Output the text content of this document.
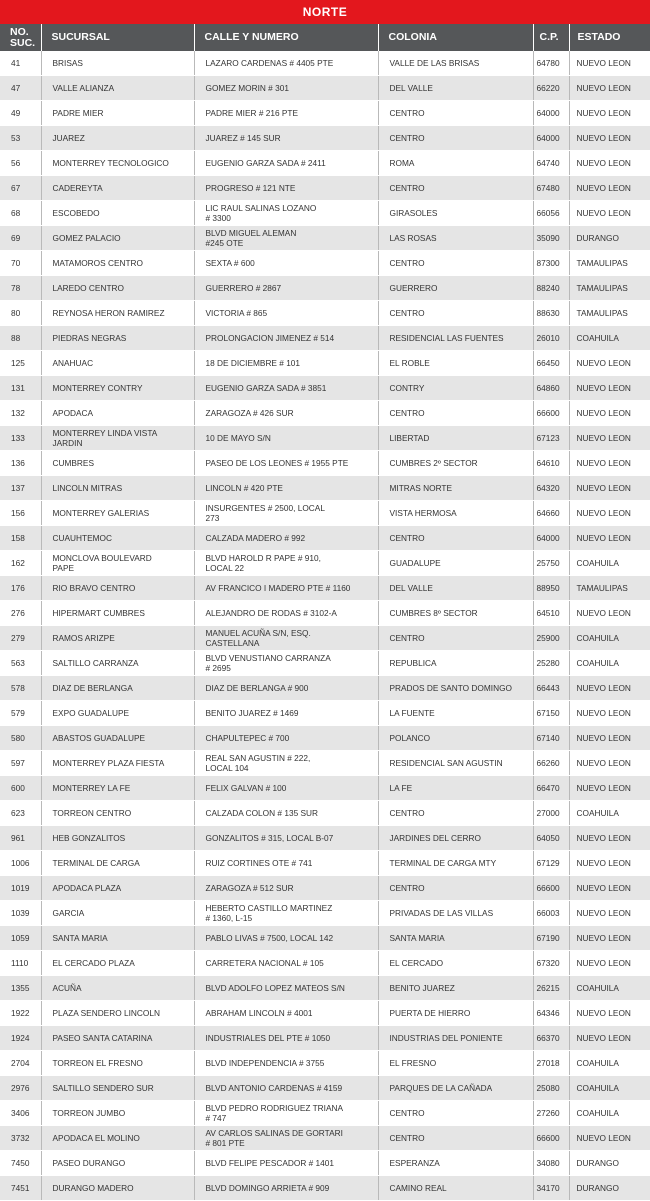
NORTE
NO.
SUC.	SUCURSAL	CALLE Y NUMERO	COLONIA	C.P.	ESTADO
41	BRISAS	LAZARO CARDENAS # 4405 PTE	VALLE DE LAS BRISAS	64780	NUEVO LEON
47	VALLE ALIANZA	GOMEZ MORIN # 301	DEL VALLE	66220	NUEVO LEON
49	PADRE MIER	PADRE MIER # 216 PTE	CENTRO	64000	NUEVO LEON
53	JUAREZ	JUAREZ # 145 SUR	CENTRO	64000	NUEVO LEON
56	MONTERREY TECNOLOGICO	EUGENIO GARZA SADA # 2411	ROMA	64740	NUEVO LEON
67	CADEREYTA	PROGRESO # 121 NTE	CENTRO	67480	NUEVO LEON
68	ESCOBEDO	LIC RAUL SALINAS LOZANO
# 3300	GIRASOLES	66056	NUEVO LEON
69	GOMEZ PALACIO	BLVD MIGUEL ALEMAN
#245 OTE	LAS ROSAS	35090	DURANGO
70	MATAMOROS CENTRO	SEXTA # 600	CENTRO	87300	TAMAULIPAS
78	LAREDO CENTRO	GUERRERO # 2867	GUERRERO	88240	TAMAULIPAS
80	REYNOSA HERON RAMIREZ	VICTORIA # 865	CENTRO	88630	TAMAULIPAS
88	PIEDRAS NEGRAS	PROLONGACION JIMENEZ # 514	RESIDENCIAL LAS FUENTES	26010	COAHUILA
125	ANAHUAC	18 DE DICIEMBRE # 101	EL ROBLE	66450	NUEVO LEON
131	MONTERREY CONTRY	EUGENIO GARZA SADA # 3851	CONTRY	64860	NUEVO LEON
132	APODACA	ZARAGOZA # 426 SUR	CENTRO	66600	NUEVO LEON
133	MONTERREY LINDA VISTA
JARDIN	10 DE MAYO S/N	LIBERTAD	67123	NUEVO LEON
136	CUMBRES	PASEO DE LOS LEONES # 1955 PTE	CUMBRES 2º SECTOR	64610	NUEVO LEON
137	LINCOLN MITRAS	LINCOLN # 420 PTE	MITRAS NORTE	64320	NUEVO LEON
156	MONTERREY GALERIAS	INSURGENTES # 2500, LOCAL
273	VISTA HERMOSA	64660	NUEVO LEON
158	CUAUHTEMOC	CALZADA MADERO # 992	CENTRO	64000	NUEVO LEON
162	MONCLOVA BOULEVARD
PAPE	BLVD HAROLD R PAPE # 910,
LOCAL 22	GUADALUPE	25750	COAHUILA
176	RIO BRAVO CENTRO	AV FRANCICO I MADERO PTE # 1160	DEL VALLE	88950	TAMAULIPAS
276	HIPERMART CUMBRES	ALEJANDRO DE RODAS # 3102-A	CUMBRES 8º SECTOR	64510	NUEVO LEON
279	RAMOS ARIZPE	MANUEL ACUÑA S/N, ESQ.
CASTELLANA	CENTRO	25900	COAHUILA
563	SALTILLO CARRANZA	BLVD VENUSTIANO CARRANZA
# 2695	REPUBLICA	25280	COAHUILA
578	DIAZ DE BERLANGA	DIAZ DE BERLANGA # 900	PRADOS DE SANTO DOMINGO	66443	NUEVO LEON
579	EXPO GUADALUPE	BENITO JUAREZ # 1469	LA FUENTE	67150	NUEVO LEON
580	ABASTOS GUADALUPE	CHAPULTEPEC # 700	POLANCO	67140	NUEVO LEON
597	MONTERREY PLAZA FIESTA	REAL SAN AGUSTIN # 222,
LOCAL 104	RESIDENCIAL SAN AGUSTIN	66260	NUEVO LEON
600	MONTERREY LA FE	FELIX GALVAN # 100	LA FE	66470	NUEVO LEON
623	TORREON CENTRO	CALZADA COLON # 135 SUR	CENTRO	27000	COAHUILA
961	HEB GONZALITOS	GONZALITOS # 315, LOCAL B-07	JARDINES DEL CERRO	64050	NUEVO LEON
1006	TERMINAL DE CARGA	RUIZ CORTINES OTE # 741	TERMINAL DE CARGA MTY	67129	NUEVO LEON
1019	APODACA PLAZA	ZARAGOZA # 512 SUR	CENTRO	66600	NUEVO LEON
1039	GARCIA	HEBERTO CASTILLO MARTINEZ
# 1360, L-15	PRIVADAS DE LAS VILLAS	66003	NUEVO LEON
1059	SANTA MARIA	PABLO LIVAS # 7500, LOCAL 142	SANTA MARIA	67190	NUEVO LEON
1110	EL CERCADO PLAZA	CARRETERA NACIONAL # 105	EL CERCADO	67320	NUEVO LEON
1355	ACUÑA	BLVD ADOLFO LOPEZ MATEOS S/N	BENITO JUAREZ	26215	COAHUILA
1922	PLAZA SENDERO LINCOLN	ABRAHAM LINCOLN # 4001	PUERTA DE HIERRO	64346	NUEVO LEON
1924	PASEO SANTA CATARINA	INDUSTRIALES DEL PTE # 1050	INDUSTRIAS DEL PONIENTE	66370	NUEVO LEON
2704	TORREON EL FRESNO	BLVD INDEPENDENCIA # 3755	EL FRESNO	27018	COAHUILA
2976	SALTILLO SENDERO SUR	BLVD ANTONIO CARDENAS # 4159	PARQUES DE LA CAÑADA	25080	COAHUILA
3406	TORREON JUMBO	BLVD PEDRO RODRIGUEZ TRIANA
# 747	CENTRO	27260	COAHUILA
3732	APODACA EL MOLINO	AV CARLOS SALINAS DE GORTARI
# 801 PTE	CENTRO	66600	NUEVO LEON
7450	PASEO DURANGO	BLVD FELIPE PESCADOR # 1401	ESPERANZA	34080	DURANGO
7451	DURANGO MADERO	BLVD DOMINGO ARRIETA # 909	CAMINO REAL	34170	DURANGO
